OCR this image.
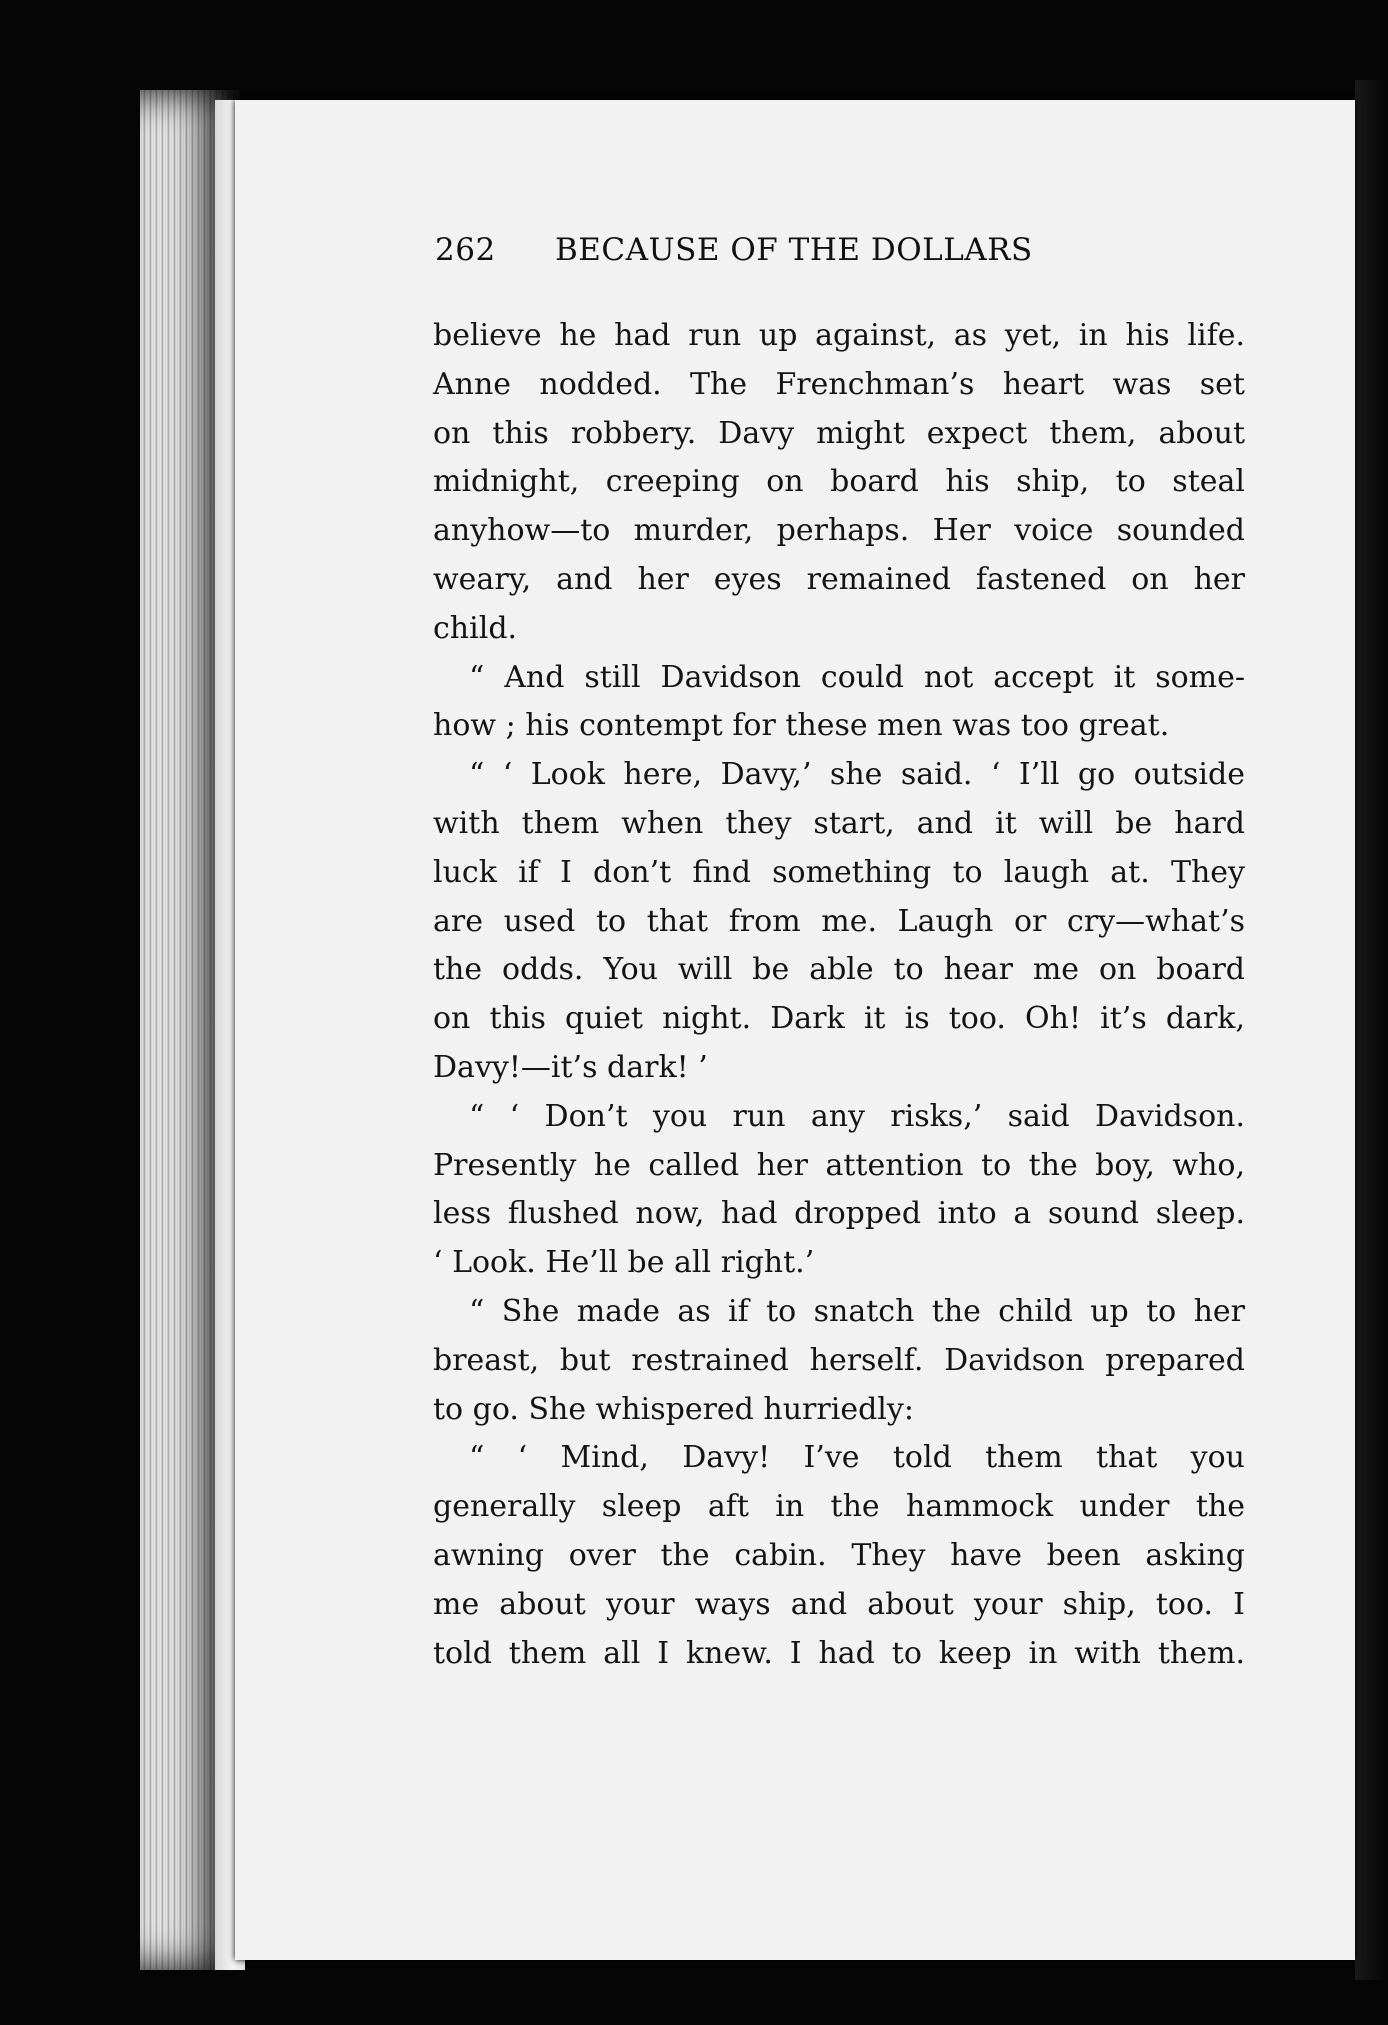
262 BECAUSE OF THE DOLLARS
believe he had run up against, as yet, in his life.
Anne nodded. The Frenchman’s heart was set
on this robbery. Davy might expect them, about
midnight, creeping on board his ship, to steal
anyhow—to murder, perhaps. Her voice sounded
weary, and her eyes remained fastened on her
child.
“ And still Davidson could not accept it some-
how ; his contempt for these men was too great.
“ ‘ Look here, Davy,’ she said. ‘ I’ll go outside
with them when they start, and it will be hard
luck if I don’t find something to laugh at. They
are used to that from me. Laugh or cry—what’s
the odds. You will be able to hear me on board
on this quiet night. Dark it is too. Oh! it’s dark,
Davy!—it’s dark! ’
“ ‘ Don’t you run any risks,’ said Davidson.
Presently he called her attention to the boy, who,
less flushed now, had dropped into a sound sleep.
‘ Look. He’ll be all right.’
“ She made as if to snatch the child up to her
breast, but restrained herself. Davidson prepared
to go. She whispered hurriedly:
“ ‘ Mind, Davy! I’ve told them that you
generally sleep aft in the hammock under the
awning over the cabin. They have been asking
me about your ways and about your ship, too. I
told them all I knew. I had to keep in with them.
